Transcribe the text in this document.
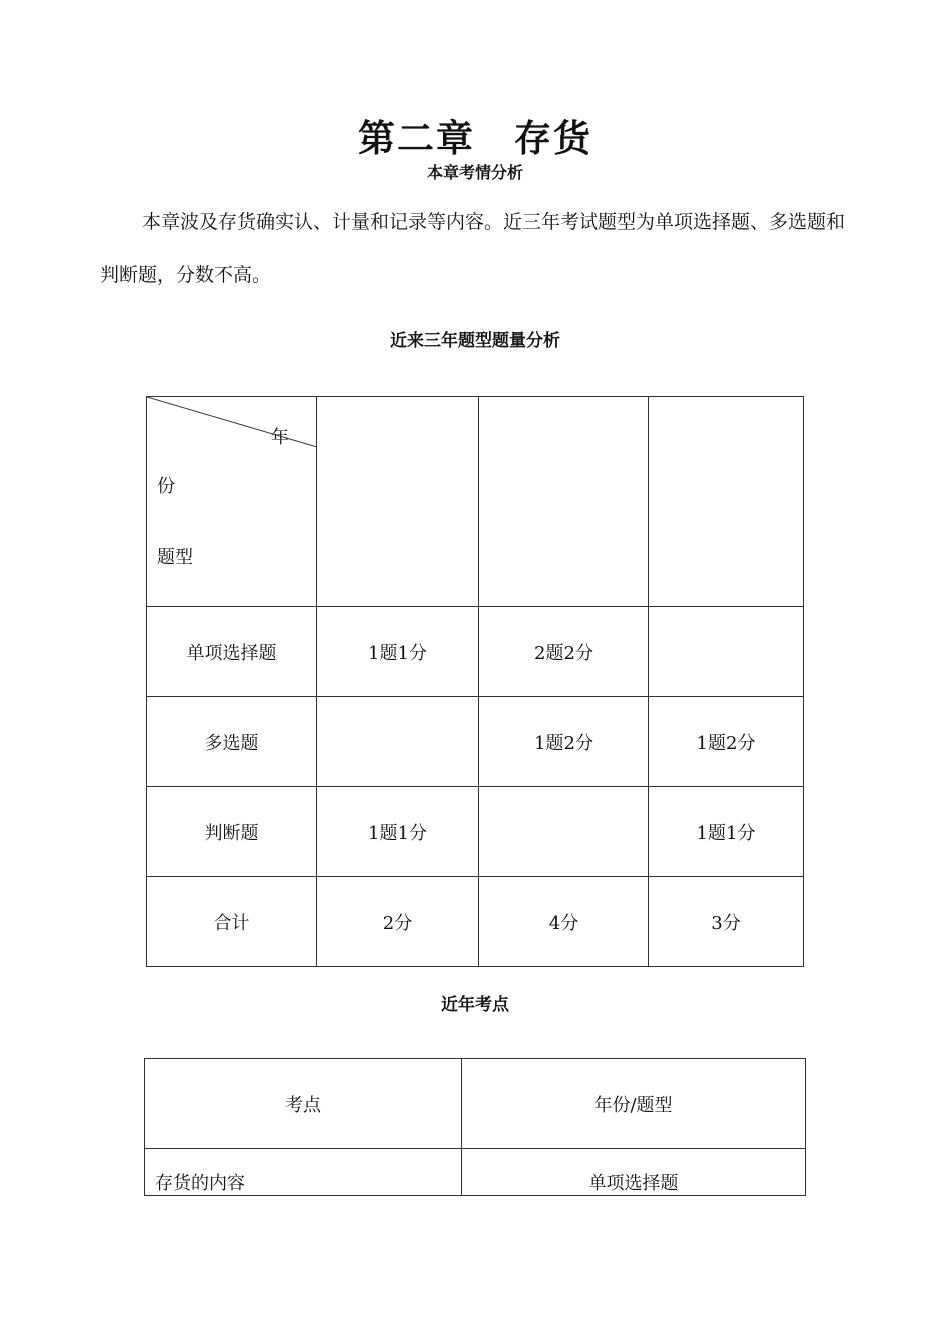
第二章　存货
本章考情分析

本章波及存货确实认、计量和记录等内容。近三年考试题型为单项选择题、多选题和判断题，分数不高。

近来三年题型题量分析
年
份
题型			

单项选择题	1题1分	2题2分	
多选题		1题2分	1题2分
判断题	1题1分		1题1分
合计	2分	4分	3分
近年考点
考点	年份/题型
存货的内容	单项选择题
